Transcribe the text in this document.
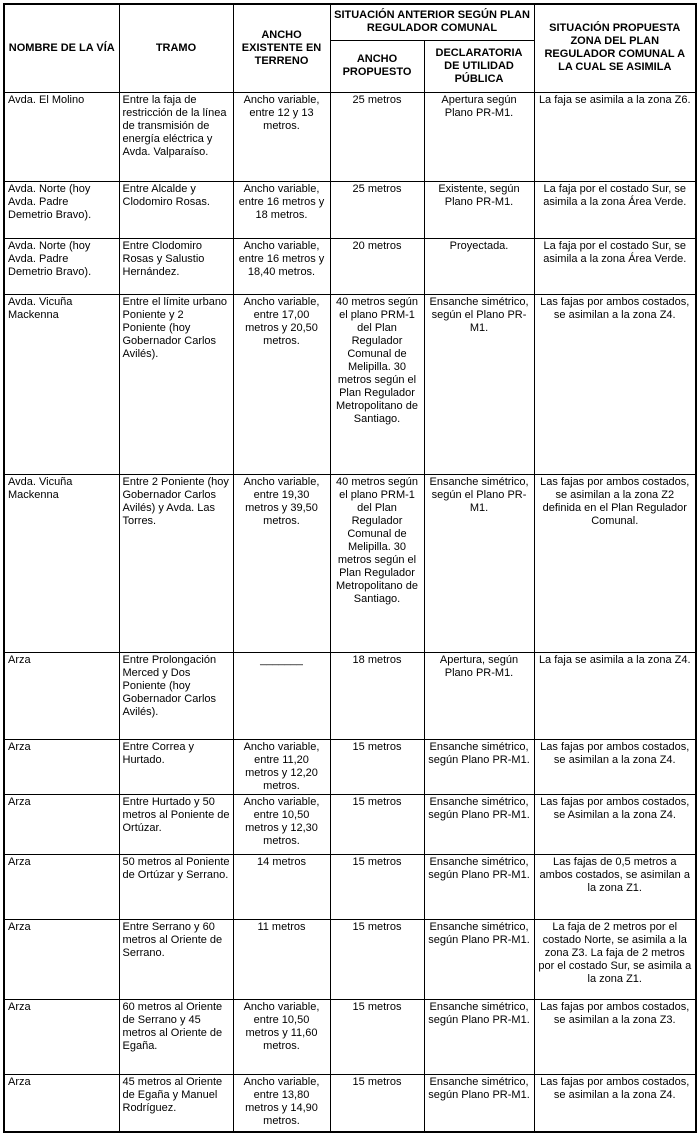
NOMBRE DE LA VÍA	TRAMO	ANCHO EXISTENTE EN TERRENO	SITUACIÓN ANTERIOR SEGÚN PLAN REGULADOR COMUNAL		SITUACIÓN PROPUESTA ZONA DEL PLAN REGULADOR COMUNAL A LA CUAL SE ASIMILA
			ANCHO PROPUESTO	DECLARATORIA DE UTILIDAD PÚBLICA	
Avda. El Molino	Entre la faja de restricción de la línea de transmisión de energía eléctrica y Avda. Valparaíso.	Ancho variable, entre 12 y 13 metros.	25 metros	Apertura según Plano PR-M1.	La faja se asimila a la zona Z6.
Avda. Norte (hoy Avda. Padre Demetrio Bravo).	Entre Alcalde y Clodomiro Rosas.	Ancho variable, entre 16 metros y 18 metros.	25 metros	Existente, según Plano PR-M1.	La faja por el costado Sur, se asimila a la zona Área Verde.
Avda. Norte (hoy Avda. Padre Demetrio Bravo).	Entre Clodomiro Rosas y Salustio Hernández.	Ancho variable, entre 16 metros y 18,40 metros.	20 metros	Proyectada.	La faja por el costado Sur, se asimila a la zona Área Verde.
Avda. Vicuña Mackenna	Entre el límite urbano Poniente y 2 Poniente (hoy Gobernador Carlos Avilés).	Ancho variable, entre 17,00 metros y 20,50 metros.	40 metros según el plano PRM-1 del Plan Regulador Comunal de Melipilla. 30 metros según el Plan Regulador Metropolitano de Santiago.	Ensanche simétrico, según el Plano PR-M1.	Las fajas por ambos costados, se asimilan a la zona Z4.
Avda. Vicuña Mackenna	Entre 2 Poniente (hoy Gobernador Carlos Avilés) y Avda. Las Torres.	Ancho variable, entre 19,30 metros y 39,50 metros.	40 metros según el plano PRM-1 del Plan Regulador Comunal de Melipilla. 30 metros según el Plan Regulador Metropolitano de Santiago.	Ensanche simétrico, según el Plano PR-M1.	Las fajas por ambos costados, se asimilan a la zona Z2 definida en el Plan Regulador Comunal.
Arza	Entre Prolongación Merced y Dos Poniente (hoy Gobernador Carlos Avilés).	_______	18 metros	Apertura, según Plano PR-M1.	La faja se asimila a la zona Z4.
Arza	Entre Correa y Hurtado.	Ancho variable, entre 11,20 metros y 12,20 metros.	15 metros	Ensanche simétrico, según Plano PR-M1.	Las fajas por ambos costados, se asimilan a la zona Z4.
Arza	Entre Hurtado y 50 metros al Poniente de Ortúzar.	Ancho variable, entre 10,50 metros y 12,30 metros.	15 metros	Ensanche simétrico, según Plano PR-M1.	Las fajas por ambos costados, se Asimilan a la zona Z4.
Arza	50 metros al Poniente de Ortúzar y Serrano.	14 metros	15 metros	Ensanche simétrico, según Plano PR-M1.	Las fajas de 0,5 metros a ambos costados, se asimilan a la zona Z1.
Arza	Entre Serrano y 60 metros al Oriente de Serrano.	11 metros	15 metros	Ensanche simétrico, según Plano PR-M1.	La faja de 2 metros por el costado Norte, se asimila a la zona Z3. La faja de 2 metros por el costado Sur, se asimila a la zona Z1.
Arza	60 metros al Oriente de Serrano y 45 metros al Oriente de Egaña.	Ancho variable, entre 10,50 metros y 11,60 metros.	15 metros	Ensanche simétrico, según Plano PR-M1.	Las fajas por ambos costados, se asimilan a la zona Z3.
Arza	45 metros al Oriente de Egaña y Manuel Rodríguez.	Ancho variable, entre 13,80 metros y 14,90 metros.	15 metros	Ensanche simétrico, según Plano PR-M1.	Las fajas por ambos costados, se asimilan a la zona Z4.
